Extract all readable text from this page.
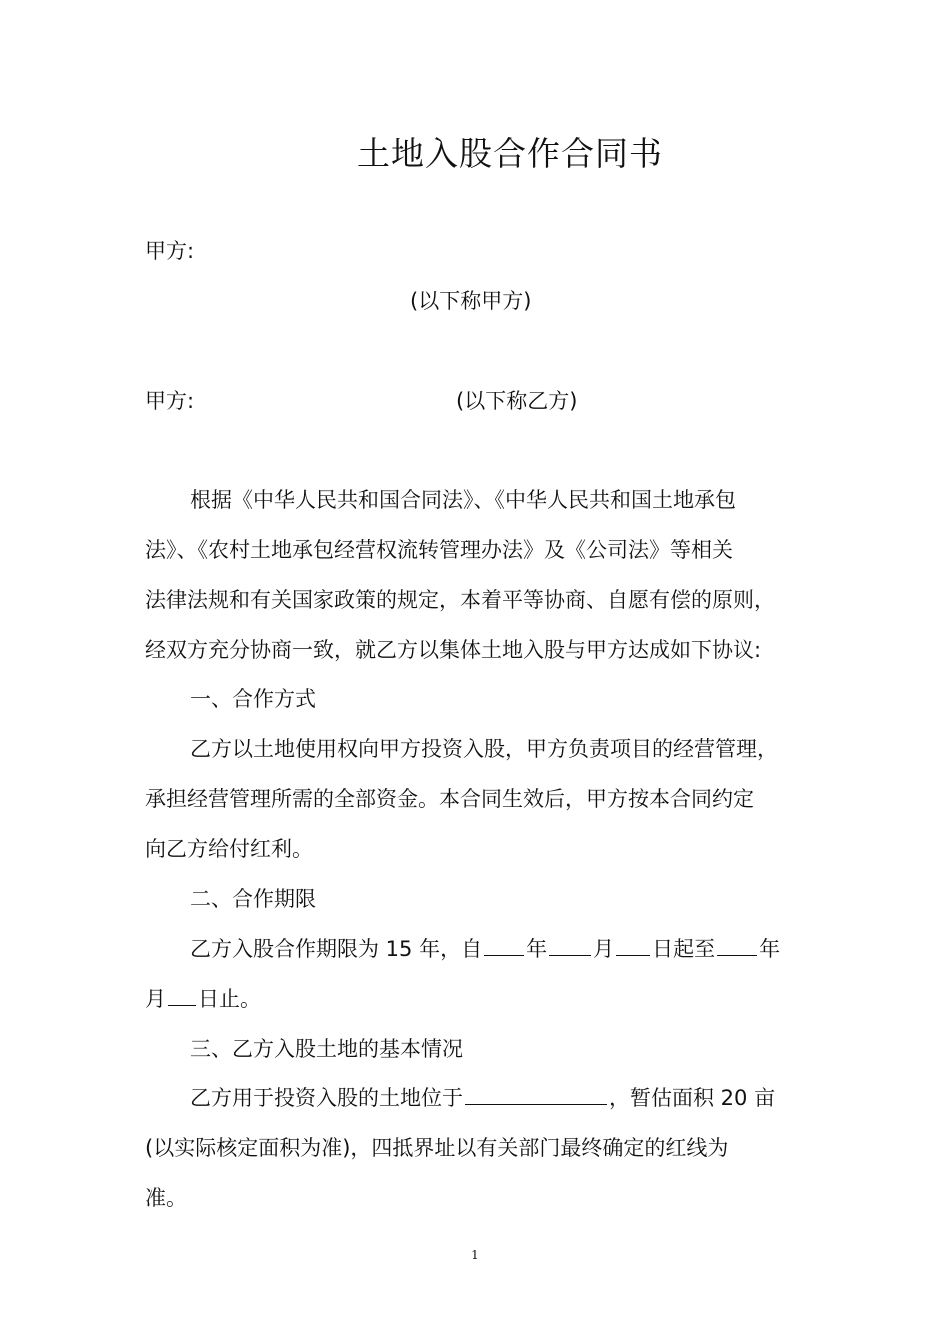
土地入股合作合同书
甲方:
(以下称甲方)
甲方:	(以下称乙方)
根据《中华人民共和国合同法》、《中华人民共和国土地承包
法》、《农村土地承包经营权流转管理办法》及《公司法》等相关
法律法规和有关国家政策的规定，本着平等协商、自愿有偿的原则，
经双方充分协商一致，就乙方以集体土地入股与甲方达成如下协议:
一、合作方式
乙方以土地使用权向甲方投资入股，甲方负责项目的经营管理，
承担经营管理所需的全部资金。本合同生效后，甲方按本合同约定
向乙方给付红利。
二、合作期限
乙方入股合作期限为 15 年，自 年 月 日起至 年
月 日止。
三、乙方入股土地的基本情况
乙方用于投资入股的土地位于	，暂估面积 20 亩
(以实际核定面积为准)，四抵界址以有关部门最终确定的红线为
准。
1
